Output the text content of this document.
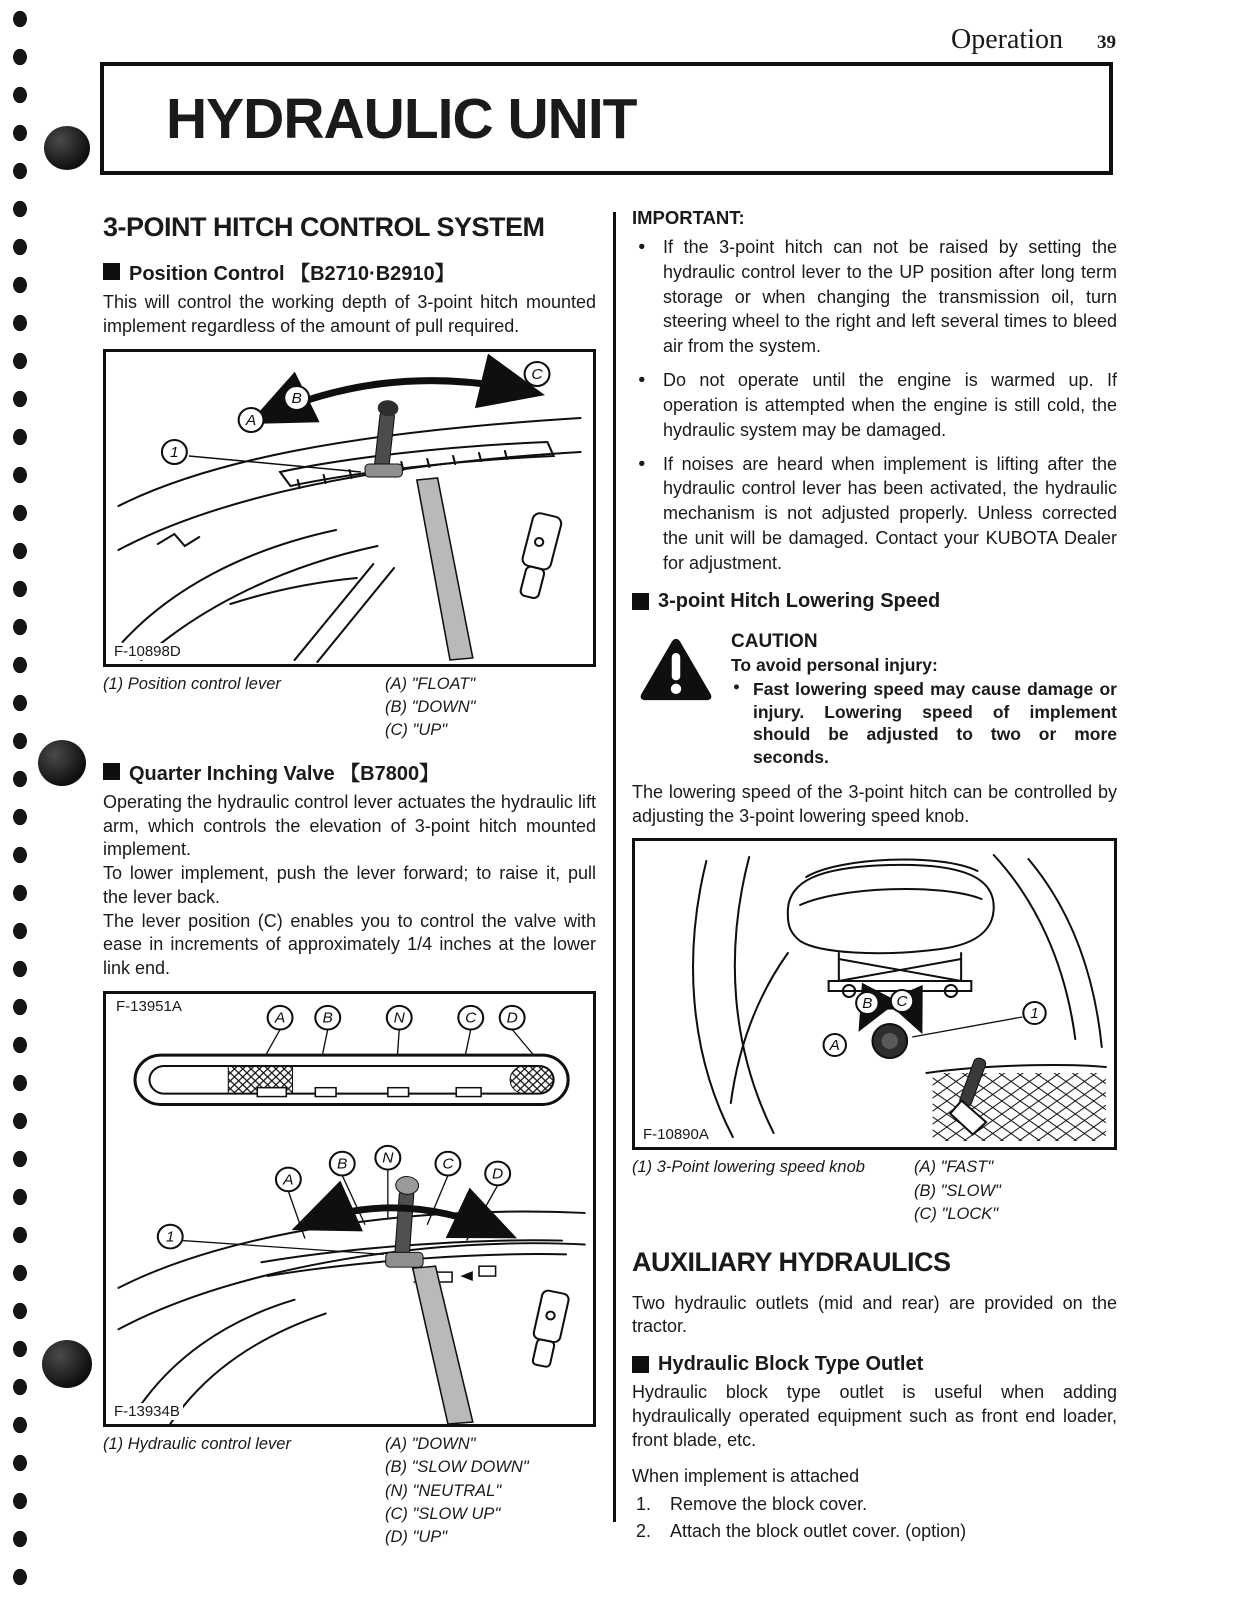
Operation 39
HYDRAULIC UNIT
3-POINT HITCH CONTROL SYSTEM
Position Control 【B2710·B2910】

This will control the working depth of 3-point hitch mounted implement regardless of the amount of pull required.

A
B
C
1
F-10898D
(1) Position control lever	(A) "FLOAT"
(B) "DOWN"
(C) "UP"
Quarter Inching Valve 【B7800】

Operating the hydraulic control lever actuates the hydraulic lift arm, which controls the elevation of 3-point hitch mounted implement.

To lower implement, push the lever forward; to raise it, pull the lever back.

The lever position (C) enables you to control the valve with ease in increments of approximately 1/4 inches at the lower link end.

A B	N	C D
A
B N	C
D
1
F-13951A
F-13934B
(1) Hydraulic control lever	(A) "DOWN"
(B) "SLOW DOWN"
(N) "NEUTRAL"
(C) "SLOW UP"
(D) "UP"
IMPORTANT:
● If the 3-point hitch can not be raised by setting the hydraulic control lever to the UP position after long term storage or when changing the transmission oil, turn steering wheel to the right and left several times to bleed air from the system.
● Do not operate until the engine is warmed up. If operation is attempted when the engine is still cold, the hydraulic system may be damaged.
● If noises are heard when implement is lifting after the hydraulic control lever has been activated, the hydraulic mechanism is not adjusted properly. Unless corrected the unit will be damaged. Contact your KUBOTA Dealer for adjustment.
3-point Hitch Lowering Speed
CAUTION
To avoid personal injury:
● Fast lowering speed may cause damage or injury. Lowering speed of implement should be adjusted to two or more seconds.

The lowering speed of the 3-point hitch can be controlled by adjusting the 3-point lowering speed knob.

B C
A
1
F-10890A
(1) 3-Point lowering speed knob	(A) "FAST"
(B) "SLOW"
(C) "LOCK"
AUXILIARY HYDRAULICS

Two hydraulic outlets (mid and rear) are provided on the tractor.

Hydraulic Block Type Outlet

Hydraulic block type outlet is useful when adding hydraulically operated equipment such as front end loader, front blade, etc.

When implement is attached

1.	Remove the block cover.
2.	Attach the block outlet cover. (option)
